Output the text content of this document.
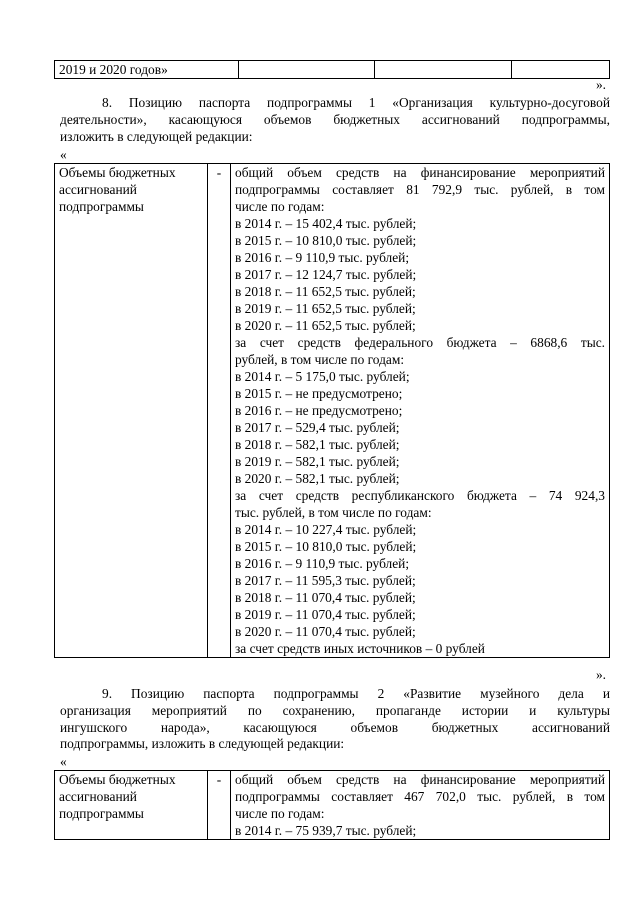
2019 и 2020 годов»			
».
8. Позицию паспорта подпрограммы 1 «Организация культурно-досуговой
деятельности», касающуюся объемов бюджетных ассигнований подпрограммы,
изложить в следующей редакции:
«
Объемы бюджетных
ассигнований
подпрограммы
	-	общий объем средств на финансирование мероприятий
подпрограммы составляет 81 792,9 тыс. рублей, в том
числе по годам:
в 2014 г. – 15 402,4 тыс. рублей;
в 2015 г. – 10 810,0 тыс. рублей;
в 2016 г. – 9 110,9 тыс. рублей;
в 2017 г. – 12 124,7 тыс. рублей;
в 2018 г. – 11 652,5 тыс. рублей;
в 2019 г. – 11 652,5 тыс. рублей;
в 2020 г. – 11 652,5 тыс. рублей;
за счет средств федерального бюджета – 6868,6 тыс.
рублей, в том числе по годам:
в 2014 г. – 5 175,0 тыс. рублей;
в 2015 г. – не предусмотрено;
в 2016 г. – не предусмотрено;
в 2017 г. – 529,4 тыс. рублей;
в 2018 г. – 582,1 тыс. рублей;
в 2019 г. – 582,1 тыс. рублей;
в 2020 г. – 582,1 тыс. рублей;
за счет средств республиканского бюджета – 74 924,3
тыс. рублей, в том числе по годам:
в 2014 г. – 10 227,4 тыс. рублей;
в 2015 г. – 10 810,0 тыс. рублей;
в 2016 г. – 9 110,9 тыс. рублей;
в 2017 г. – 11 595,3 тыс. рублей;
в 2018 г. – 11 070,4 тыс. рублей;
в 2019 г. – 11 070,4 тыс. рублей;
в 2020 г. – 11 070,4 тыс. рублей;
за счет средств иных источников – 0 рублей
».
9. Позицию паспорта подпрограммы 2 «Развитие музейного дела и
организация мероприятий по сохранению, пропаганде истории и культуры
ингушского народа», касающуюся объемов бюджетных ассигнований
подпрограммы, изложить в следующей редакции:
«
Объемы бюджетных
ассигнований
подпрограммы
	-	общий объем средств на финансирование мероприятий
подпрограммы составляет 467 702,0 тыс. рублей, в том
числе по годам:
в 2014 г. – 75 939,7 тыс. рублей;
